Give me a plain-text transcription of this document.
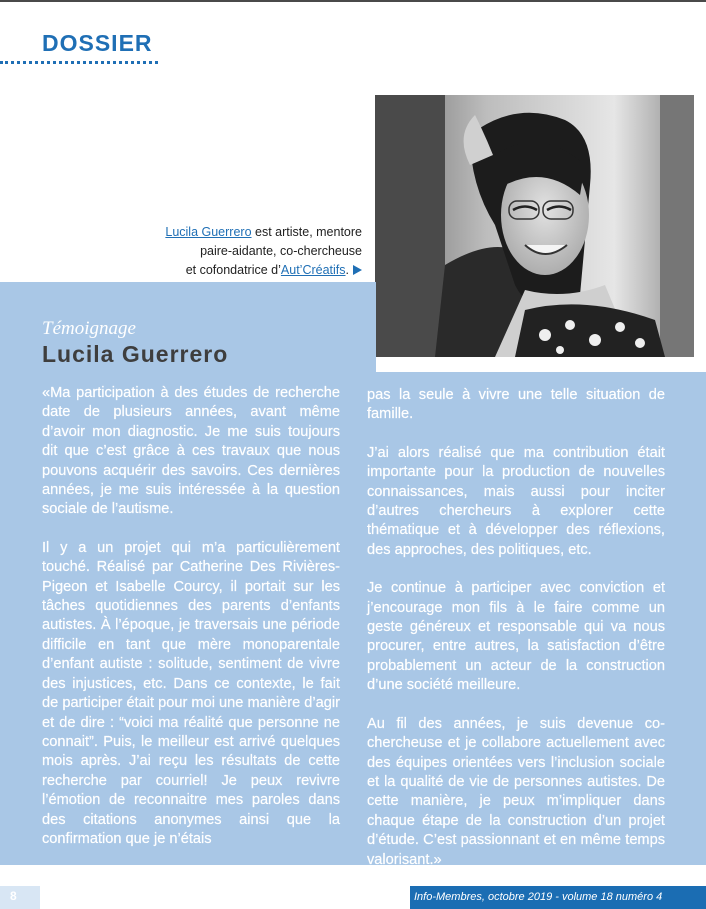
DOSSIER
Lucila Guerrero est artiste, mentore
paire-aidante, co-chercheuse
et cofondatrice d’Aut’Créatifs.
Témoignage
Lucila Guerrero

«Ma participation à des études de recherche date de plusieurs années, avant même d’avoir mon diagnostic. Je me suis toujours dit que c’est grâce à ces travaux que nous pouvons acquérir des savoirs. Ces dernières années, je me suis intéressée à la question sociale de l’autisme.

Il y a un projet qui m’a particulièrement touché. Réalisé par Catherine Des Rivières-Pigeon et Isabelle Courcy, il portait sur les tâches quotidiennes des parents d’enfants autistes. À l’époque, je traversais une période difficile en tant que mère monoparentale d’enfant autiste : solitude, sentiment de vivre des injustices, etc. Dans ce contexte, le fait de participer était pour moi une manière d’agir et de dire : “voici ma réalité que personne ne connait”. Puis, le meilleur est arrivé quelques mois après. J’ai reçu les résultats de cette recherche par courriel! Je peux revivre l’émotion de reconnaitre mes paroles dans des citations anonymes ainsi que la confirmation que je n’étais

pas la seule à vivre une telle situation de famille.

J’ai alors réalisé que ma contribution était importante pour la production de nouvelles connaissances, mais aussi pour inciter d’autres chercheurs à explorer cette thématique et à développer des réflexions, des approches, des politiques, etc.

Je continue à participer avec conviction et j’encourage mon fils à le faire comme un geste généreux et responsable qui va nous procurer, entre autres, la satisfaction d’être probablement un acteur de la construction d’une société meilleure.

Au fil des années, je suis devenue co-chercheuse et je collabore actuellement avec des équipes orientées vers l’inclusion sociale et la qualité de vie de personnes autistes. De cette manière, je peux m’impliquer dans chaque étape de la construction d’un projet d’étude. C’est passionnant et en même temps valorisant.»

8	Info-Membres, octobre 2019 - volume 18 numéro 4
